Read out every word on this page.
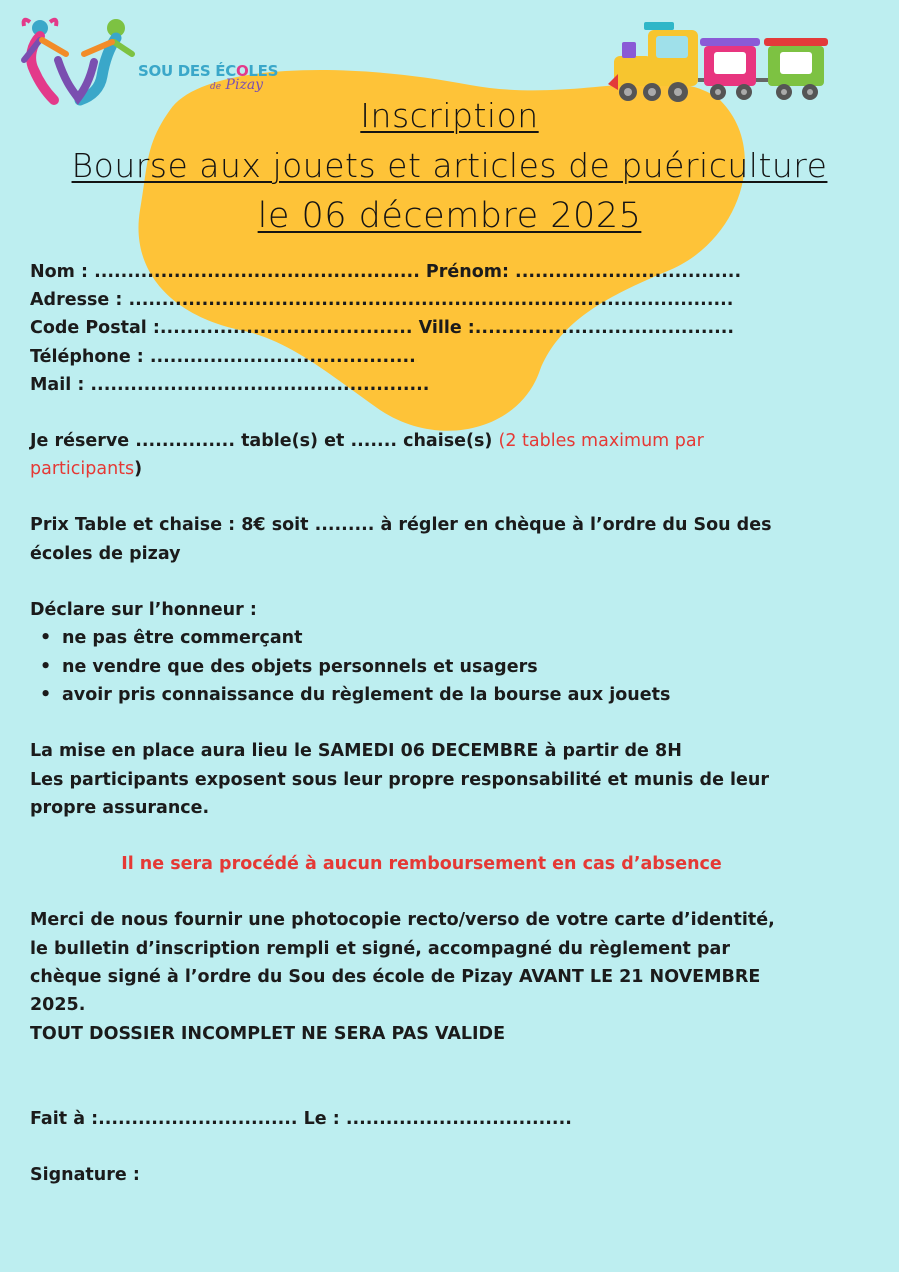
SOU DES ÉCOLES
de Pizay
Inscription
Bourse aux jouets et articles de puériculture
le 06 décembre 2025
Nom : ................................................. Prénom: ..................................
Adresse : ...........................................................................................
Code Postal :...................................... Ville :.......................................
Téléphone : ........................................
Mail : ...................................................
Je réserve ............... table(s) et ....... chaise(s) (2 tables maximum par
participants)
Prix Table et chaise : 8€ soit ......... à régler en chèque à l’ordre du Sou des
écoles de pizay
Déclare sur l’honneur :
• ne pas être commerçant
• ne vendre que des objets personnels et usagers
• avoir pris connaissance du règlement de la bourse aux jouets
La mise en place aura lieu le SAMEDI 06 DECEMBRE à partir de 8H
Les participants exposent sous leur propre responsabilité et munis de leur
propre assurance.
Il ne sera procédé à aucun remboursement en cas d’absence
Merci de nous fournir une photocopie recto/verso de votre carte d’identité,
le bulletin d’inscription rempli et signé, accompagné du règlement par
chèque signé à l’ordre du Sou des école de Pizay AVANT LE 21 NOVEMBRE
2025.
TOUT DOSSIER INCOMPLET NE SERA PAS VALIDE
Fait à :.............................. Le : ..................................
Signature :
